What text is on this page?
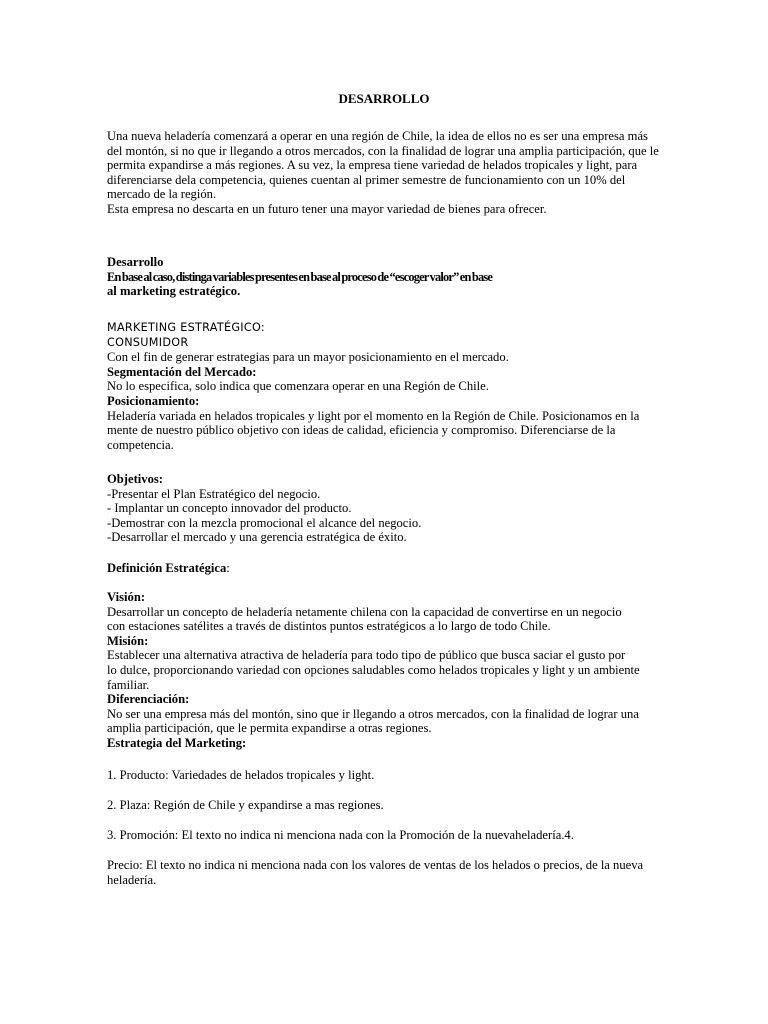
DESARROLLO

Una nueva heladería comenzará a operar en una región de Chile, la idea de ellos no es ser una empresa más

del montón, si no que ir llegando a otros mercados, con la finalidad de lograr una amplia participación, que le

permita expandirse a más regiones. A su vez, la empresa tiene variedad de helados tropicales y light, para

diferenciarse dela competencia, quienes cuentan al primer semestre de funcionamiento con un 10% del

mercado de la región.

Esta empresa no descarta en un futuro tener una mayor variedad de bienes para ofrecer.

Desarrollo

En base al caso, distinga variables presentes en base al proceso de “escoger valor” en base

al marketing estratégico.

MARKETING ESTRATÉGICO:

CONSUMIDOR

Con el fin de generar estrategias para un mayor posicionamiento en el mercado.

Segmentación del Mercado:

No lo especifica, solo indica que comenzara operar en una Región de Chile.

Posicionamiento:

Heladería variada en helados tropicales y light por el momento en la Región de Chile. Posicionamos en la

mente de nuestro público objetivo con ideas de calidad, eficiencia y compromiso. Diferenciarse de la

competencia.

Objetivos:

-Presentar el Plan Estratégico del negocio.

- Implantar un concepto innovador del producto.

-Demostrar con la mezcla promocional el alcance del negocio.

-Desarrollar el mercado y una gerencia estratégica de éxito.

Definición Estratégica:

Visión:

Desarrollar un concepto de heladería netamente chilena con la capacidad de convertirse en un negocio

con estaciones satélites a través de distintos puntos estratégicos a lo largo de todo Chile.

Misión:

Establecer una alternativa atractiva de heladería para todo tipo de público que busca saciar el gusto por

lo dulce, proporcionando variedad con opciones saludables como helados tropicales y light y un ambiente

familiar.

Diferenciación:

No ser una empresa más del montón, sino que ir llegando a otros mercados, con la finalidad de lograr una

amplia participación, que le permita expandirse a otras regiones.

Estrategia del Marketing:

1. Producto: Variedades de helados tropicales y light.

2. Plaza: Región de Chile y expandirse a mas regiones.

3. Promoción: El texto no indica ni menciona nada con la Promoción de la nuevaheladería.4.

Precio: El texto no indica ni menciona nada con los valores de ventas de los helados o precios, de la nueva

heladería.
